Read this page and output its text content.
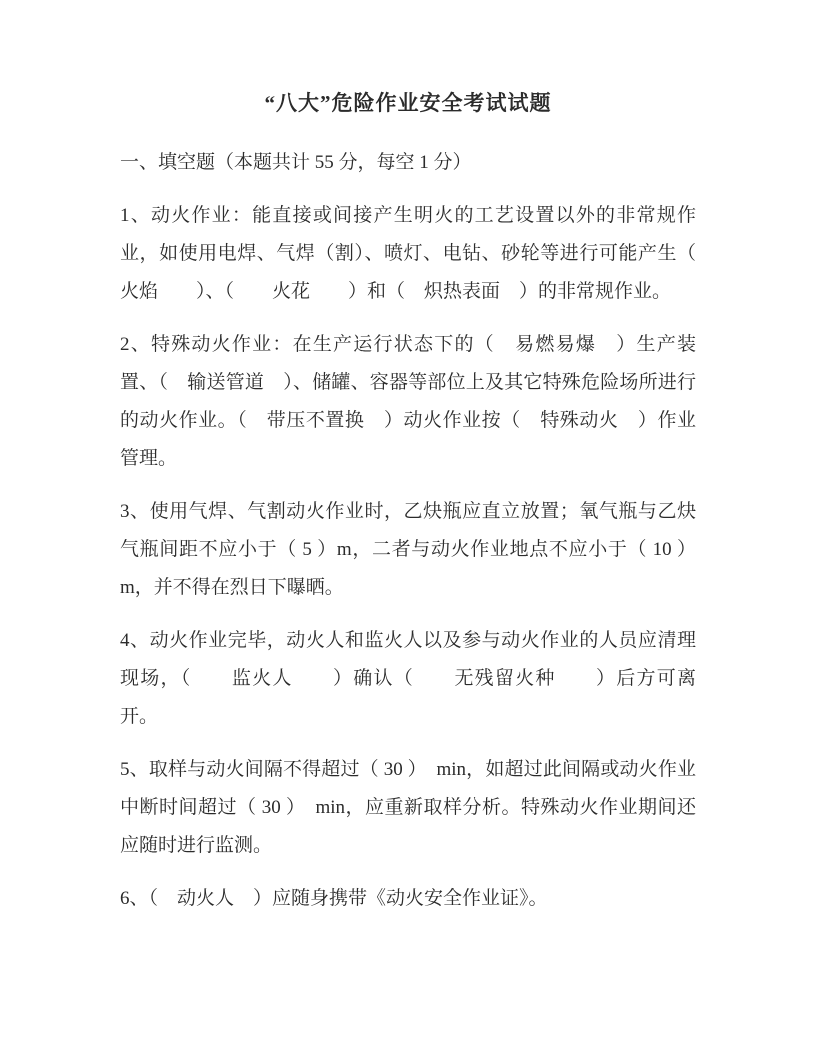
“八大”危险作业安全考试试题
一、填空题（本题共计 55 分，每空 1 分）

1、动火作业：能直接或间接产生明火的工艺设置以外的非常规作业，如使用电焊、气焊（割）、喷灯、电钻、砂轮等进行可能产生（　　火焰　　）、（　　火花　　）和（　炽热表面　）的非常规作业。

2、特殊动火作业：在生产运行状态下的（　易燃易爆　）生产装置、（　输送管道　）、储罐、容器等部位上及其它特殊危险场所进行的动火作业。（　带压不置换　）动火作业按（　特殊动火　）作业管理。

3、使用气焊、气割动火作业时，乙炔瓶应直立放置；氧气瓶与乙炔气瓶间距不应小于（ 5 ）m，二者与动火作业地点不应小于（ 10 ）m，并不得在烈日下曝晒。

4、动火作业完毕，动火人和监火人以及参与动火作业的人员应清理现场，（　　监火人　　）确认（　　无残留火种　　）后方可离开。

5、取样与动火间隔不得超过（ 30 ）　min，如超过此间隔或动火作业中断时间超过（ 30 ）　min，应重新取样分析。特殊动火作业期间还应随时进行监测。

6、（　动火人　）应随身携带《动火安全作业证》。
